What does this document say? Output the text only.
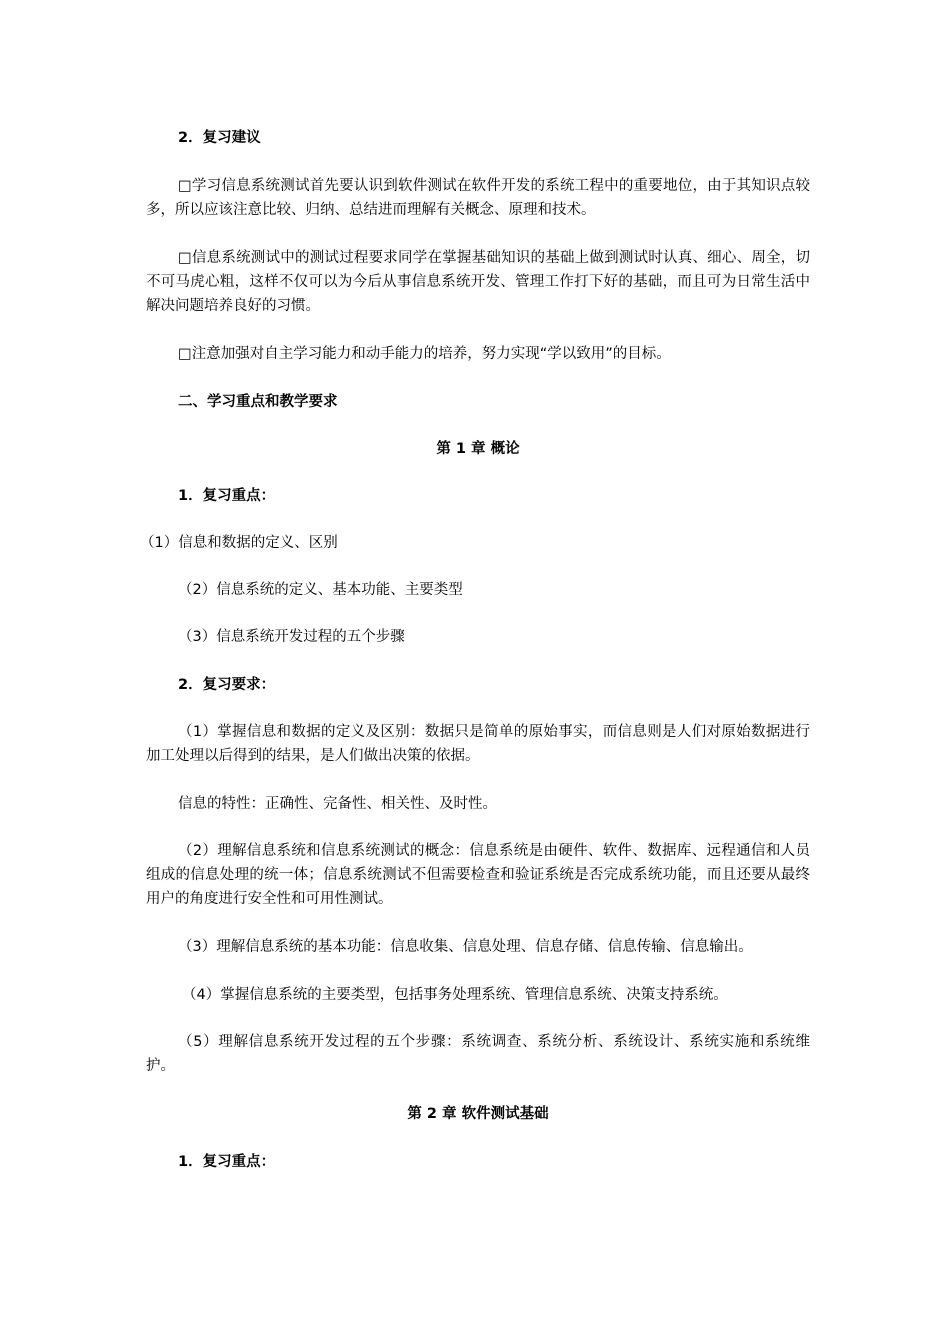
2．复习建议

□学习信息系统测试首先要认识到软件测试在软件开发的系统工程中的重要地位，由于其知识点较多，所以应该注意比较、归纳、总结进而理解有关概念、原理和技术。

□信息系统测试中的测试过程要求同学在掌握基础知识的基础上做到测试时认真、细心、周全，切不可马虎心粗，这样不仅可以为今后从事信息系统开发、管理工作打下好的基础，而且可为日常生活中解决问题培养良好的习惯。

□注意加强对自主学习能力和动手能力的培养，努力实现“学以致用”的目标。

二、学习重点和教学要求

第 1 章 概论

1．复习重点：

（1）信息和数据的定义、区别

（2）信息系统的定义、基本功能、主要类型

（3）信息系统开发过程的五个步骤

2．复习要求：

（1）掌握信息和数据的定义及区别：数据只是简单的原始事实，而信息则是人们对原始数据进行加工处理以后得到的结果，是人们做出决策的依据。

信息的特性：正确性、完备性、相关性、及时性。

（2）理解信息系统和信息系统测试的概念：信息系统是由硬件、软件、数据库、远程通信和人员组成的信息处理的统一体；信息系统测试不但需要检查和验证系统是否完成系统功能，而且还要从最终用户的角度进行安全性和可用性测试。

（3）理解信息系统的基本功能：信息收集、信息处理、信息存储、信息传输、信息输出。

（4）掌握信息系统的主要类型，包括事务处理系统、管理信息系统、决策支持系统。

（5）理解信息系统开发过程的五个步骤：系统调查、系统分析、系统设计、系统实施和系统维护。

第 2 章 软件测试基础

1．复习重点：
